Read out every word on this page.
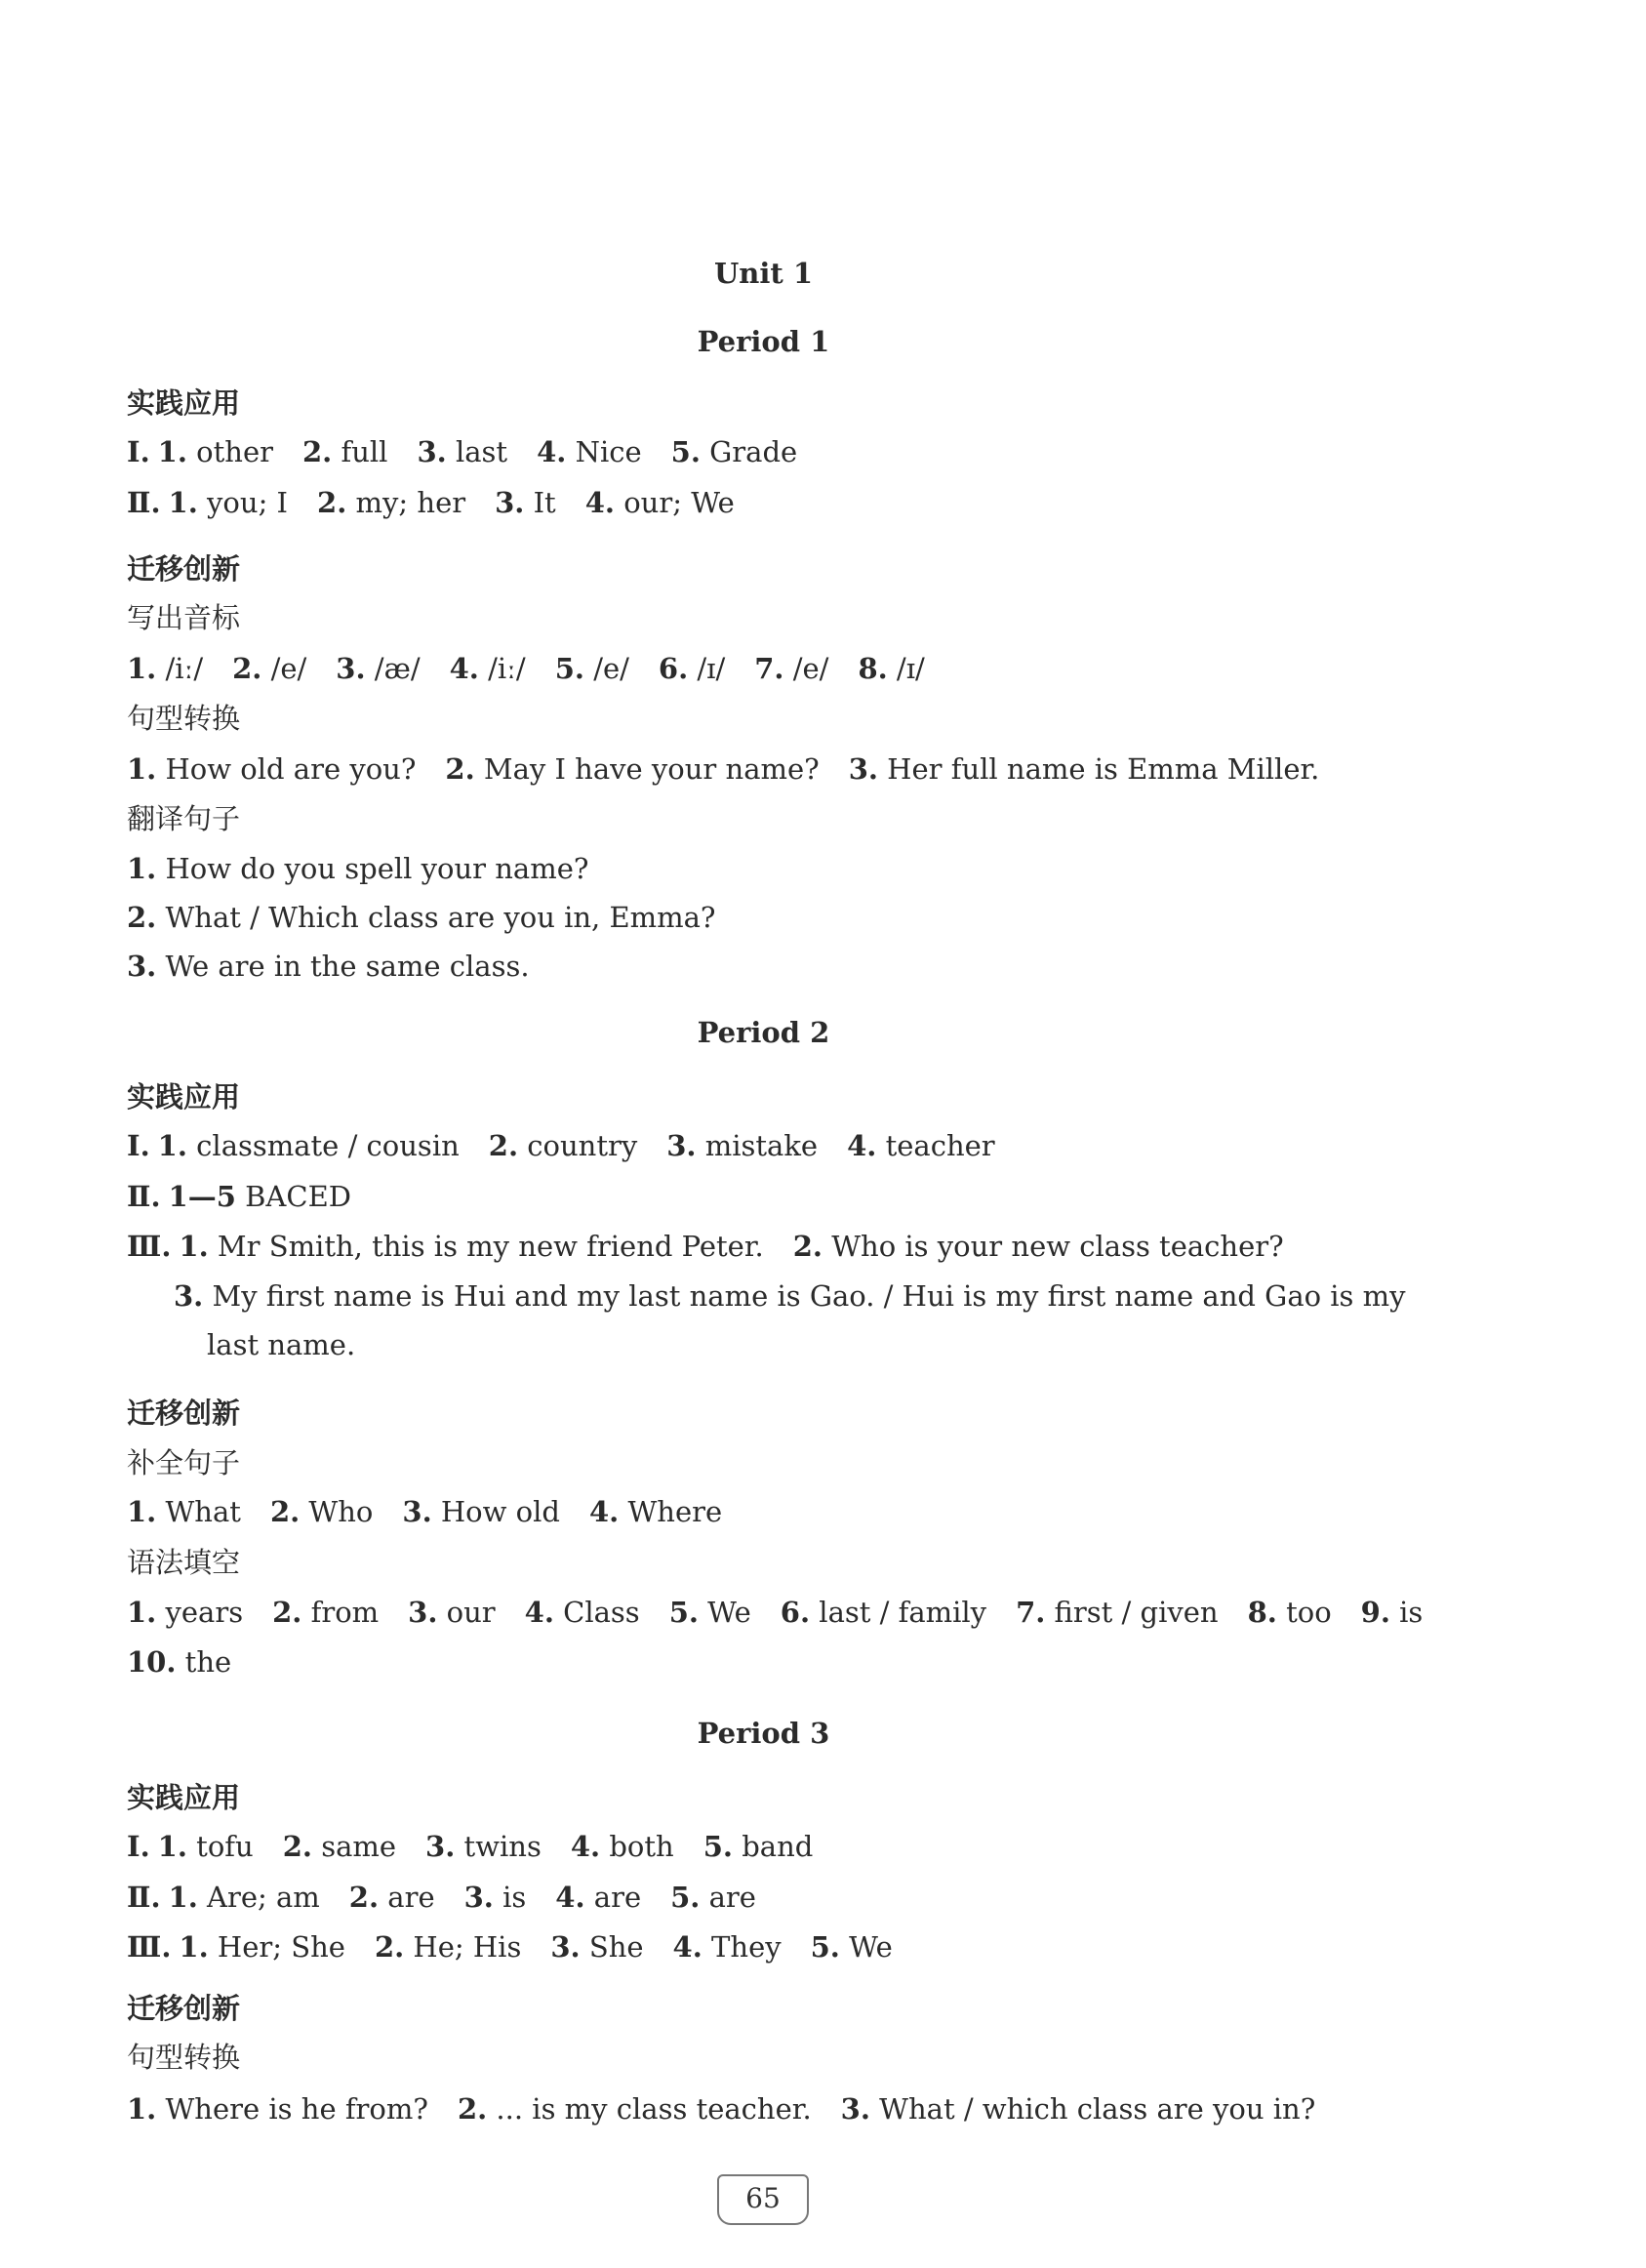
Unit 1
Period 1
实践应用
Ⅰ. 1. other 2. full 3. last 4. Nice 5. Grade
Ⅱ. 1. you; I 2. my; her 3. It 4. our; We
迁移创新
写出音标
1. /iː/ 2. /e/ 3. /æ/ 4. /iː/ 5. /e/ 6. /ɪ/ 7. /e/ 8. /ɪ/
句型转换
1. How old are you? 2. May I have your name? 3. Her full name is Emma Miller.
翻译句子
1. How do you spell your name?
2. What / Which class are you in, Emma?
3. We are in the same class.
Period 2
实践应用
Ⅰ. 1. classmate / cousin 2. country 3. mistake 4. teacher
Ⅱ. 1—5 BACED
Ⅲ. 1. Mr Smith, this is my new friend Peter. 2. Who is your new class teacher?
3. My first name is Hui and my last name is Gao. / Hui is my first name and Gao is my
last name.
迁移创新
补全句子
1. What 2. Who 3. How old 4. Where
语法填空
1. years 2. from 3. our 4. Class 5. We 6. last / family 7. first / given 8. too 9. is
10. the
Period 3
实践应用
Ⅰ. 1. tofu 2. same 3. twins 4. both 5. band
Ⅱ. 1. Are; am 2. are 3. is 4. are 5. are
Ⅲ. 1. Her; She 2. He; His 3. She 4. They 5. We
迁移创新
句型转换
1. Where is he from? 2. ... is my class teacher. 3. What / which class are you in?
65
